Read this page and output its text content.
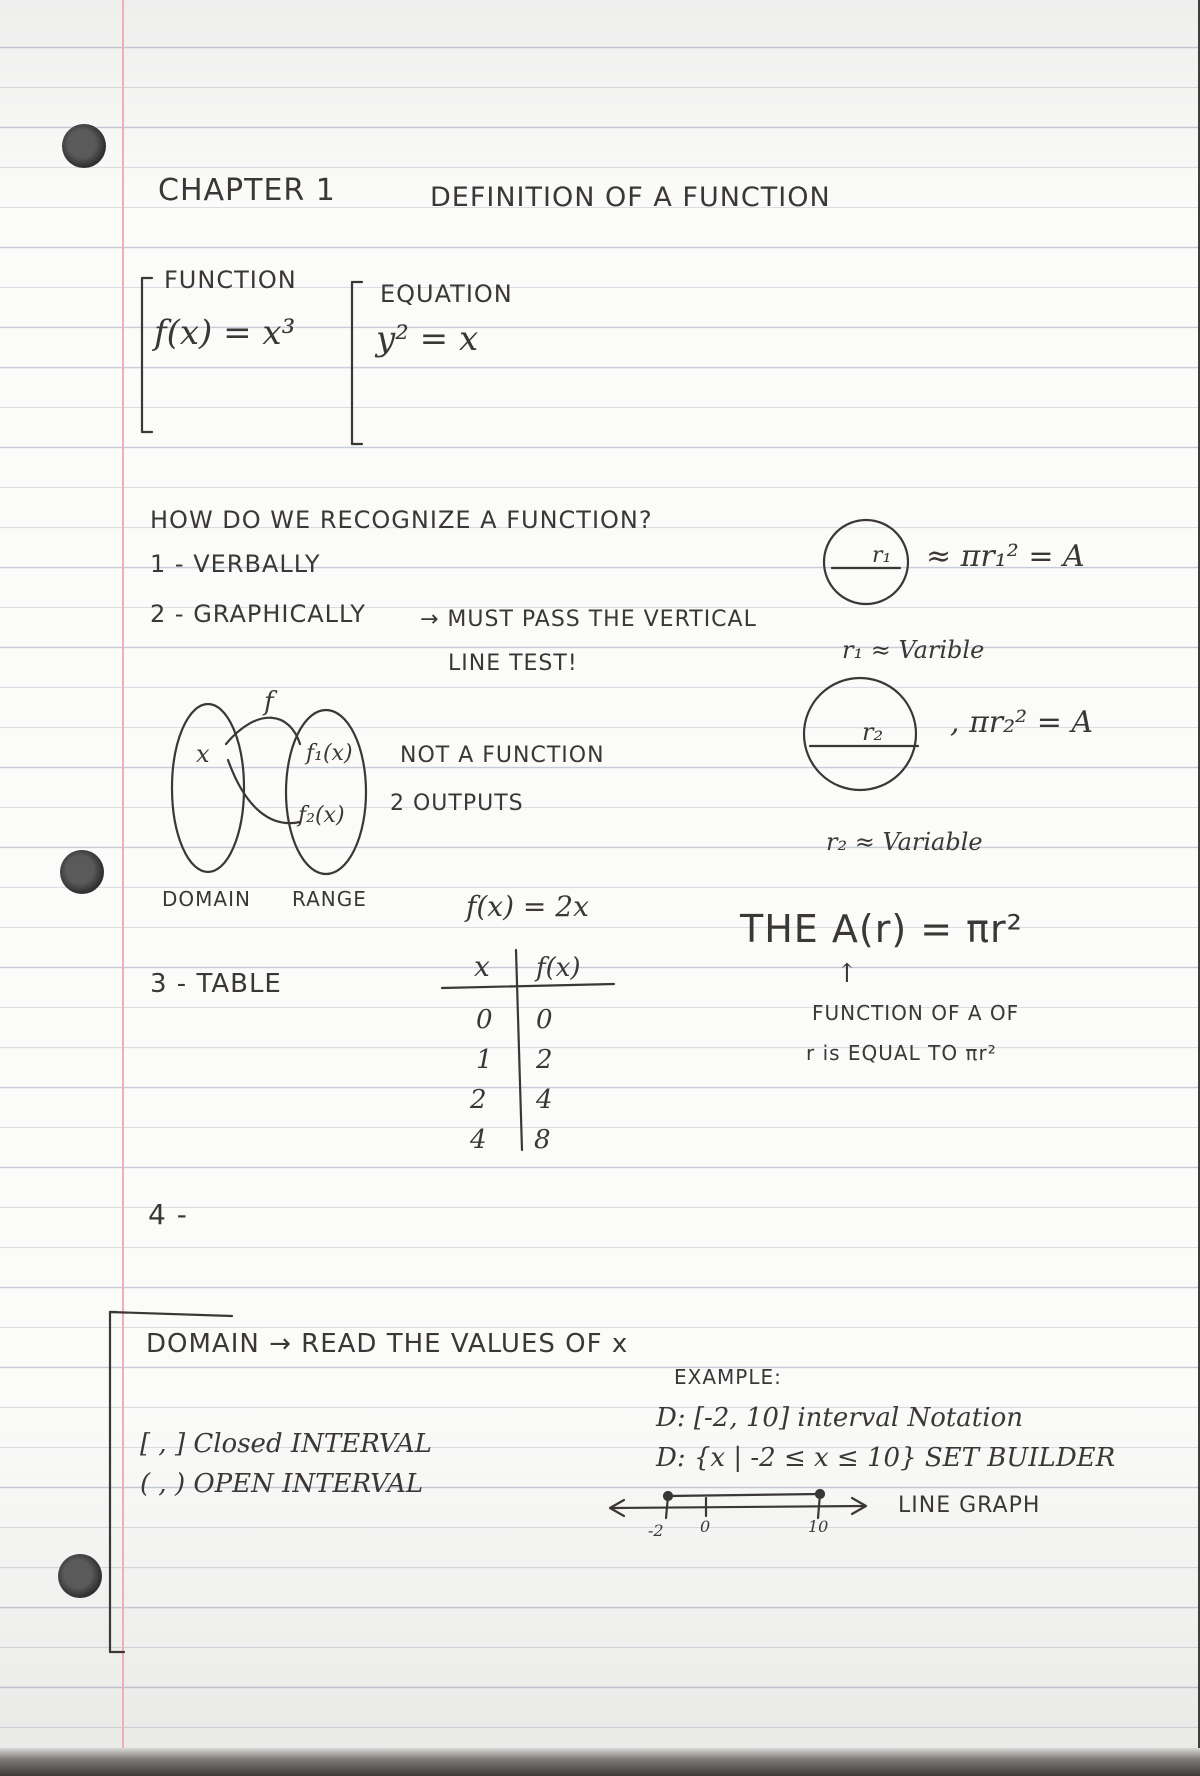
CHAPTER 1	DEFINITION OF A FUNCTION
FUNCTION
f(x) = x³
EQUATION
y² = x
HOW DO WE RECOGNIZE A FUNCTION?
1 - VERBALLY
2 - GRAPHICALLY → MUST PASS THE VERTICAL
LINE TEST!
x
f
f₁(x)
f₂(x)
NOT A FUNCTION
2 OUTPUTS
DOMAIN RANGE
r₁ ≈ πr₁² = A
r₁ ≈ Varible
r₂ , πr₂² = A
r₂ ≈ Variable
THE A(r) = πr²
↑
FUNCTION OF A OF
r is EQUAL TO πr²
3 - TABLE
f(x) = 2x
x f(x)
0 0
1 2
2 4
4 8
4 -
DOMAIN → READ THE VALUES OF x
EXAMPLE:
[ , ] Closed INTERVAL
( , ) OPEN INTERVAL
D: [-2, 10] interval Notation
D: {x | -2 ≤ x ≤ 10} SET BUILDER
-2 0	10
LINE GRAPH
